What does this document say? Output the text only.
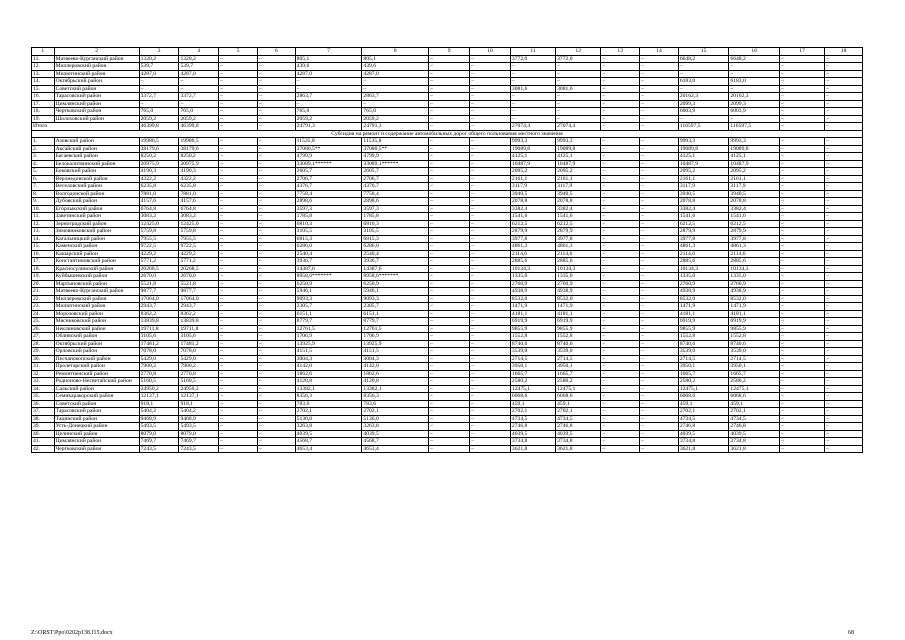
1	2	3	4	5	6	7	8	9	10	11	12	13	14	15	16	17	18
11.	Матвеево-Курганский район	1320,2	1320,2	–	–	805,1	805,1	–	–	3772,0	3772,0	–	–	6648,2	6648,2	–	–
12.	Миллеровский район	539,7	539,7	–	–	439,6	439,6	–	–	–	–	–	–	–	–	–	–
13.	Милютинский район	4287,0	4287,0	–	–	4287,0	4287,0	–	–	–	–	–	–	–	–	–	–
14.	Октябрьский район	–	–	–	–	–	–	–	–	–	–	–	–	6183,0	6183,0	–	–
15.	Советский район	–	–	–	–	–	–	–	–	3081,6	3081,6	–	–	–	–	–	–
16.	Тарасовский район	3372,7	3372,7	–	–	2863,7	2863,7	–	–	–	–	–	–	20162,3	20162,3	–	–
17.	Цимлянский район	–	–	–	–	–	–	–	–	–	–	–	–	2099,3	2099,3	–	–
18.	Чертковский район	765,0	765,0	–	–	765,0	765,0	–	–	–	–	–	–	6003,9	6003,9	–	–
19.	Шолоховский район	2059,2	2059,2	–	–	2059,2	2059,2	–	–	–	–	–	–	–	–	–	–
Итого		46399,8	46399,8	–	–	24791,3	24791,3	–	–	27074,4	27074,4	–	–	116597,5	116597,5	–	–
Субсидия на ремонт и содержание автомобильных дорог общего пользования местного значения																	
1.	Азовский район	19986,5	19986,5	–	–	11535,8	11535,8	–	–	9993,3	9993,3	–	–	9993,3	9993,3	–	–
2.	Аксайский район	38179,6	38179,6	–	–	37080,5**	37080,5**	–	–	19089,8	19089,8	–	–	19089,8	19089,8	–	–
3.	Багаевский район	8250,2	8250,2	–	–	4799,9	4799,9	–	–	4125,1	4125,1	–	–	4125,1	4125,1	–	–
4.	Белокалитвинский район	20975,9	20975,9	–	–	33089,1******	33089,1******	–	–	10487,9	10487,9	–	–	10487,9	10487,9	–	–
5.	Боковский район	4190,3	4190,3	–	–	2605,7	2605,7	–	–	2095,2	2095,2	–	–	2095,2	2095,2	–	–
6.	Верхнедонской район	4322,2	4322,2	–	–	2706,7	2706,7	–	–	2161,1	2161,1	–	–	2161,1	2161,1	–	–
7.	Веселовский район	6235,8	6235,8	–	–	4376,7	4376,7	–	–	3117,9	3117,9	–	–	3117,9	3117,9	–	–
8.	Волгодонской район	7881,0	7881,0	–	–	7758,4	7758,4	–	–	3940,5	3940,5	–	–	3940,5	3940,5	–	–
9.	Дубовский район	4157,6	4157,6	–	–	2898,6	2898,6	–	–	2078,8	2078,8	–	–	2078,8	2078,8	–	–
10.	Егорлыкский район	6764,8	6764,8	–	–	3597,3	3597,3	–	–	3382,4	3382,4	–	–	3382,4	3382,4	–	–
11.	Заветинский район	3083,2	3083,2	–	–	1785,8	1785,8	–	–	1541,6	1541,6	–	–	1541,6	1541,6	–	–
12.	Зерноградский район	12425,0	12425,0	–	–	6810,3	6810,3	–	–	6212,5	6212,5	–	–	6212,5	6212,5	–	–
13.	Зимовниковский район	5759,8	5759,8	–	–	3105,5	3105,5	–	–	2879,9	2879,9	–	–	2879,9	2879,9	–	–
14.	Кагальницкий район	7955,5	7955,5	–	–	6815,3	6815,3	–	–	3977,8	3977,8	–	–	3977,8	3977,8	–	–
15.	Каменский район	9722,5	9722,5	–	–	6286,0	6286,0	–	–	4861,3	4861,3	–	–	4861,3	4861,3	–	–
16.	Кашарский район	4229,2	4229,2	–	–	2540,4	2540,4	–	–	2114,6	2114,6	–	–	2114,6	2114,6	–	–
17.	Константиновский район	5771,2	5771,2	–	–	3936,7	3936,7	–	–	2885,6	2885,6	–	–	2885,6	2885,6	–	–
18.	Красносулинский район	20268,5	20268,5	–	–	14387,6	14387,6	–	–	10134,3	10134,3	–	–	10134,3	10134,3	–	–
19.	Куйбышевский район	2670,0	2670,0	–	–	8958,6*******	8958,6*******	–	–	1335,0	1335,0	–	–	1335,0	1335,0	–	–
20.	Мартыновский район	5521,8	5521,8	–	–	6250,9	6250,9	–	–	2760,9	2760,9	–	–	2760,9	2760,9	–	–
21.	Матвеево-Курганский район	9877,7	9877,7	–	–	5946,1	5946,1	–	–	4938,9	4938,9	–	–	4938,9	4938,9	–	–
22.	Миллеровский район	17064,0	17064,0	–	–	9093,3	9093,3	–	–	8532,0	8532,0	–	–	8532,0	8532,0	–	–
23.	Милютинский район	2943,7	2943,7	–	–	2305,7	2305,7	–	–	1471,9	1471,9	–	–	1471,9	1471,9	–	–
24.	Морозовский район	8362,2	8362,2	–	–	6151,1	6151,1	–	–	4181,1	4181,1	–	–	4181,1	4181,1	–	–
25.	Мясниковский район	13839,8	13839,8	–	–	8779,7	8779,7	–	–	6919,9	6919,9	–	–	6919,9	6919,9	–	–
26.	Неклиновский район	19711,8	19711,8	–	–	12761,5	12761,5	–	–	9855,9	9855,9	–	–	9855,9	9855,9	–	–
27.	Обливский район	3105,6	3105,6	–	–	1706,9	1706,9	–	–	1552,8	1552,8	–	–	1552,8	1552,8	–	–
28.	Октябрьский район	17481,2	17481,2	–	–	13925,9	13925,9	–	–	8740,6	8740,6	–	–	8740,6	8740,6	–	–
29.	Орловский район	7078,0	7078,0	–	–	4151,5	4151,5	–	–	3539,0	3539,0	–	–	3539,0	3539,0	–	–
30.	Песчанокопский район	5429,0	5429,0	–	–	3004,3	3004,3	–	–	2714,5	2714,5	–	–	2714,5	2714,5	–	–
31.	Пролетарский район	7900,2	7900,2	–	–	4142,0	4142,0	–	–	3950,1	3950,1	–	–	3950,1	3950,1	–	–
32.	Ремонтненский район	2770,8	2770,8	–	–	1862,6	1862,6	–	–	1665,7	1665,7	–	–	1665,7	1665,7	–	–
33.	Родионово-Несветайский район	5160,5	5160,5	–	–	4120,8	4120,8	–	–	2580,2	2580,2	–	–	2580,2	2580,2	–	–
34.	Сальский район	24950,2	24950,2	–	–	13382,1	13382,1	–	–	12475,1	12475,1	–	–	12475,1	12475,1	–	–
35.	Семикаракорский район	12137,1	12137,1	–	–	8356,3	8356,3	–	–	6068,6	6068,6	–	–	6068,6	6068,6	–	–
36.	Советский район	918,1	918,1	–	–	783,6	783,6	–	–	459,1	459,1	–	–	459,1	459,1	–	–
37.	Тарасовский район	5404,2	5404,2	–	–	2702,1	2702,1	–	–	2702,1	2702,1	–	–	2702,1	2702,1	–	–
38.	Тацинский район	9468,9	9468,9	–	–	5136,0	5136,0	–	–	4734,5	4734,5	–	–	4734,5	4734,5	–	–
39.	Усть-Донецкий район	5493,5	5493,5	–	–	3263,8	3263,8	–	–	2746,8	2746,8	–	–	2746,8	2746,8	–	–
40.	Целинский район	8079,0	8079,0	–	–	4039,5	4039,5	–	–	4039,5	4039,5	–	–	4039,5	4039,5	–	–
41.	Цимлянский район	7469,7	7469,7	–	–	4568,7	4568,7	–	–	3734,8	3734,8	–	–	3734,8	3734,8	–	–
42.	Чертковский район	7243,5	7243,5	–	–	4653,4	4653,4	–	–	3621,8	3621,8	–	–	3621,8	3621,8	–	–
Z:\ORST\Ppo\0202p138.f15.docx	68
